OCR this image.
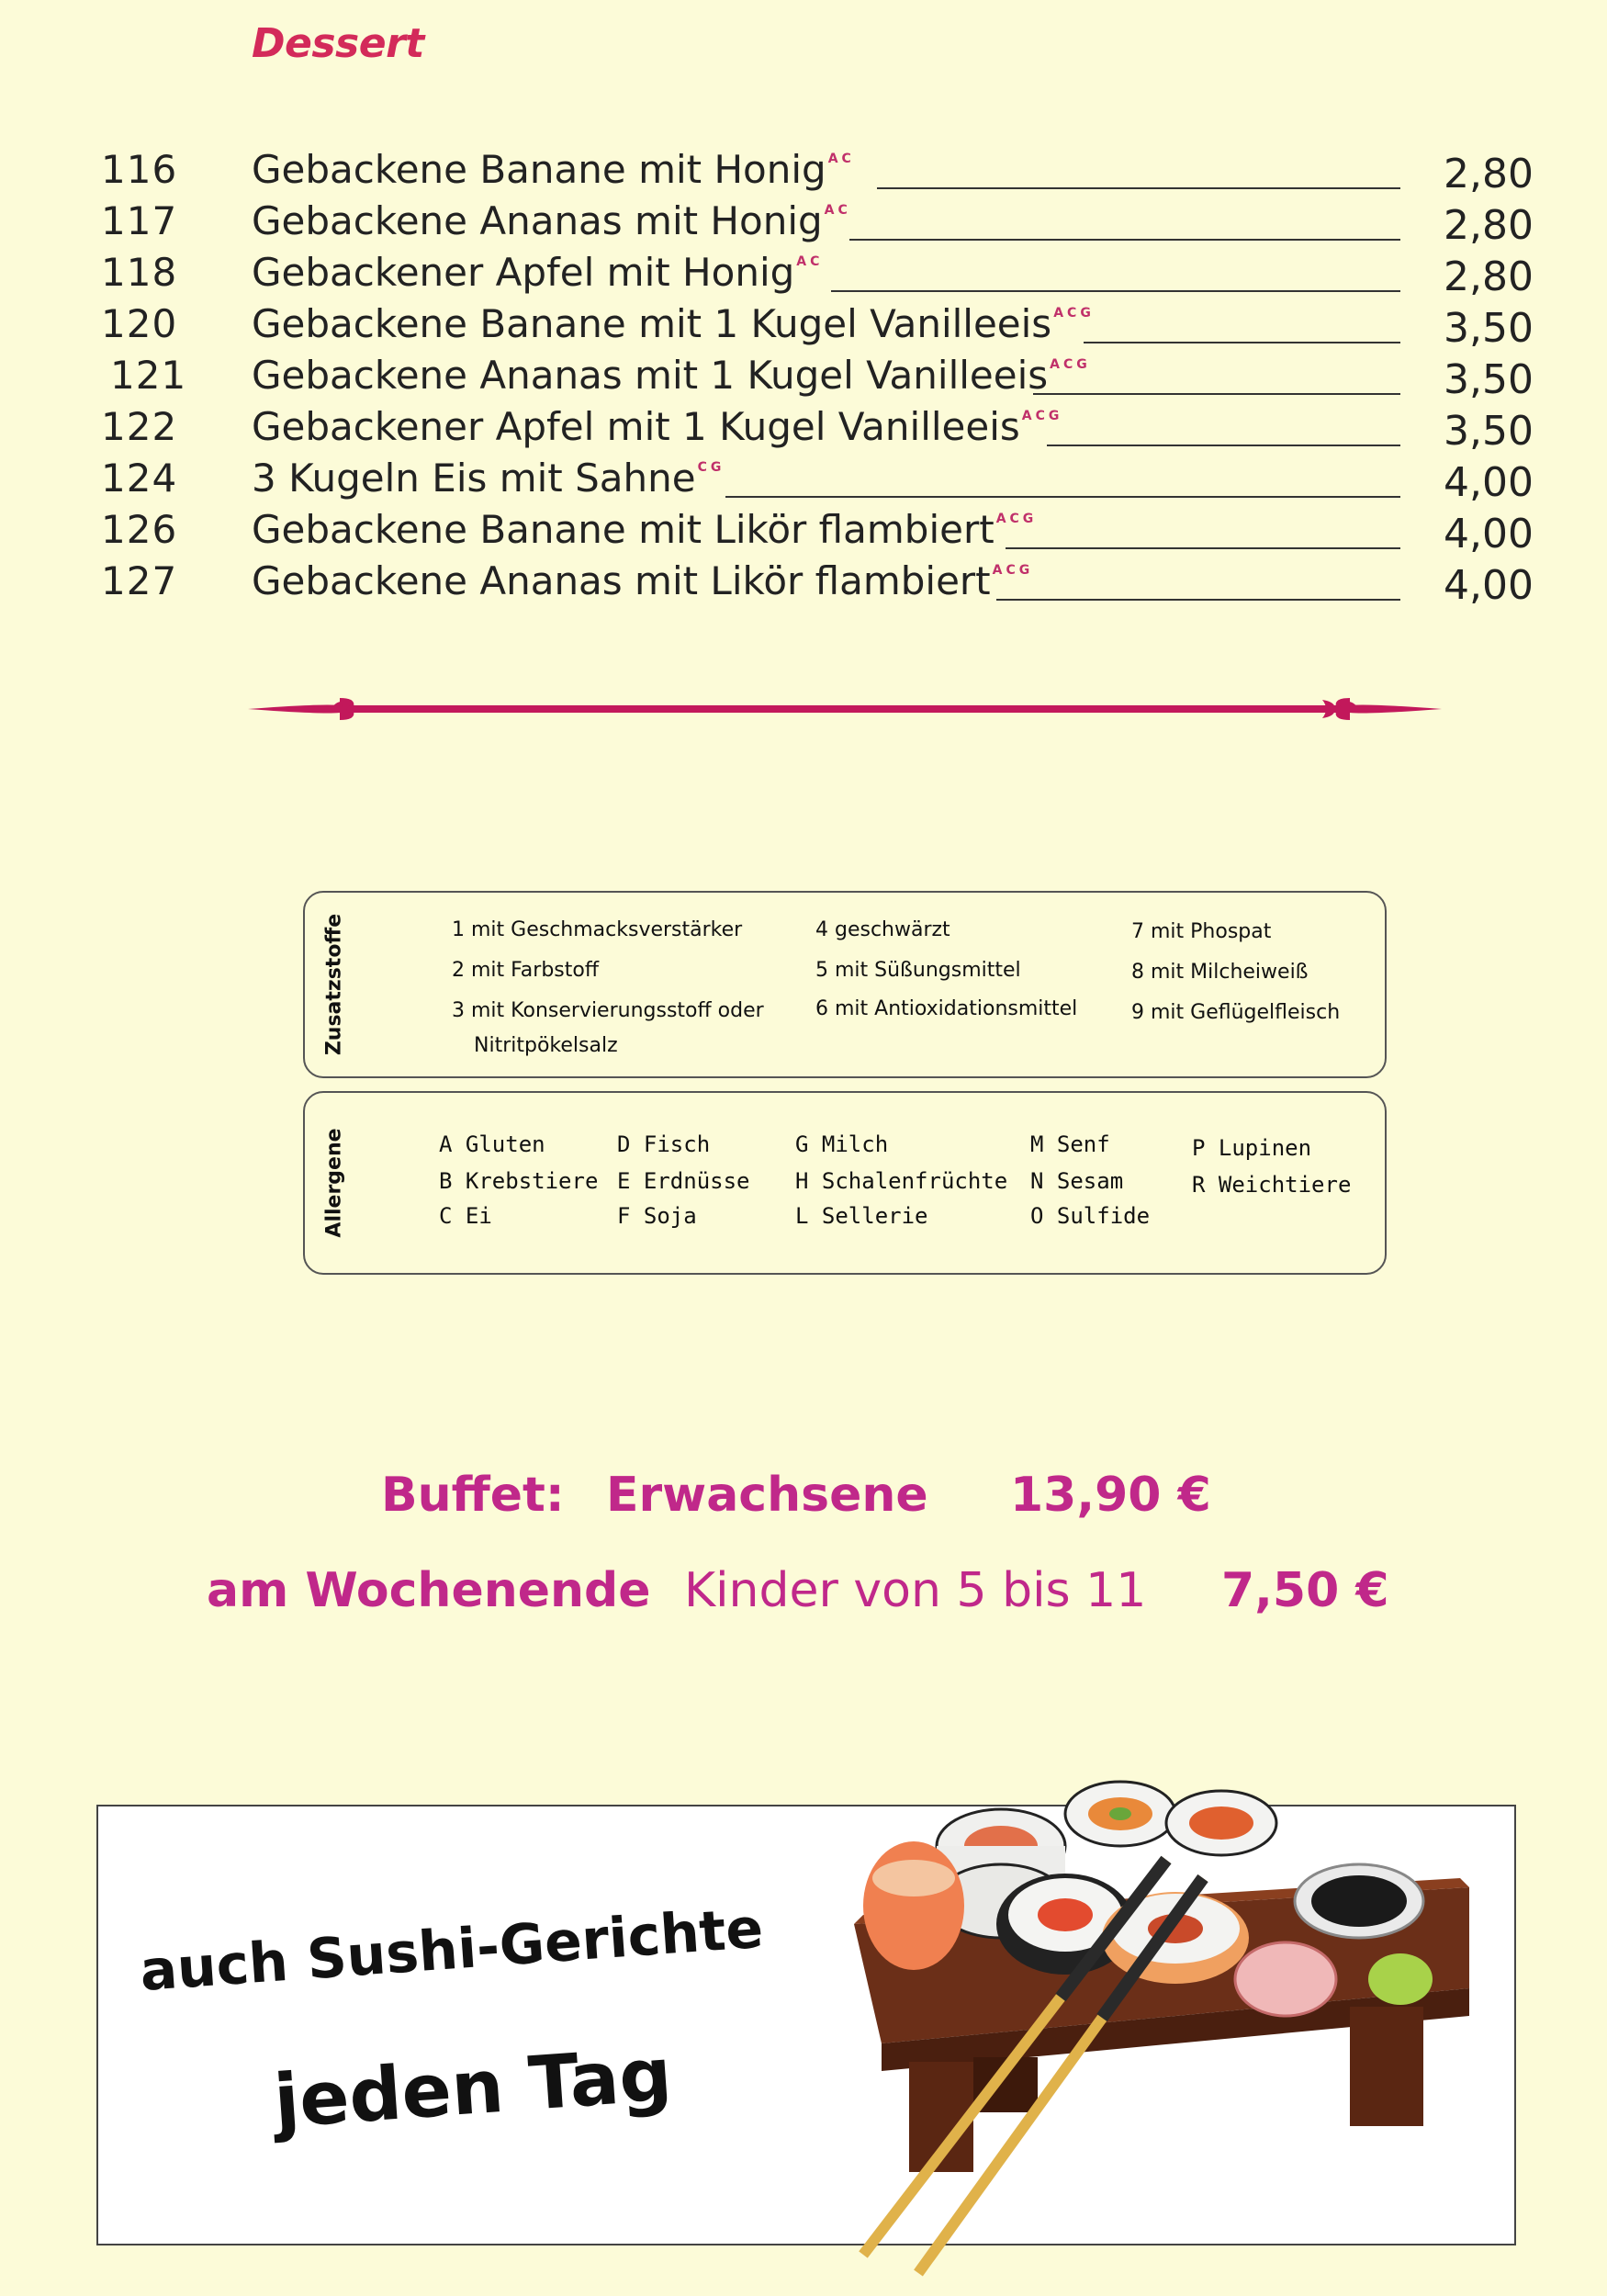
Dessert
116 Gebackene Banane mit Honig $^{AC}$	2,80
117 Gebackene Ananas mit Honig $^{AC}$	2,80
118 Gebackener Apfel mit Honig $^{AC}$	2,80
120 Gebackene Banane mit 1 Kugel Vanilleeis $^{ACG}$	3,50
121 Gebackene Ananas mit 1 Kugel Vanilleeis $^{ACG}$	3,50
122 Gebackener Apfel mit 1 Kugel Vanilleeis $^{ACG}$	3,50
124 3 Kugeln Eis mit Sahne $^{CG}$	4,00
126 Gebackene Banane mit Likör flambiert $^{ACG}$	4,00
127 Gebackene Ananas mit Likör flambiert $^{ACG}$	4,00
Zusatzstoffe	1 mit Geschmacksverstärker
2 mit Farbstoff
3 mit Konservierungsstoff oder
Nitritpökelsalz
4 geschwärzt
5 mit Süßungsmittel
6 mit Antioxidationsmittel
7 mit Phospat
8 mit Milcheiweiß
9 mit Geflügelfleisch
Allergene	A Gluten
B Krebstiere
C Ei
D Fisch
E Erdnüsse
F Soja
G Milch
H Schalenfrüchte
L Sellerie
M Senf
N Sesam
O Sulfide
P Lupinen
R Weichtiere
Buffet: Erwachsene 13,90 €
am Wochenende Kinder von 5 bis 11 7,50 €
auch Sushi-Gerichte
jeden Tag
